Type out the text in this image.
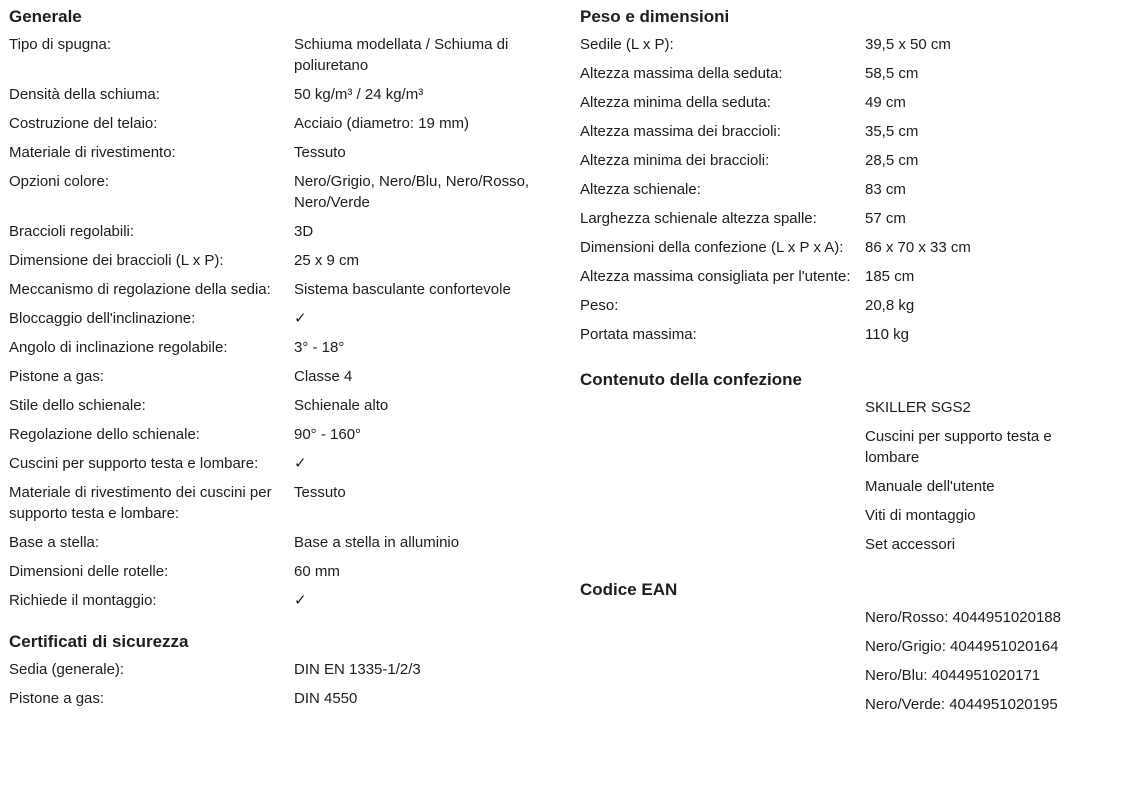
Generale
Tipo di spugna:	Schiuma modellata / Schiuma di poliuretano
Densità della schiuma:	50 kg/m³ / 24 kg/m³
Costruzione del telaio:	Acciaio (diametro: 19 mm)
Materiale di rivestimento:	Tessuto
Opzioni colore:	Nero/Grigio, Nero/Blu, Nero/Rosso, Nero/Verde
Braccioli regolabili:	3D
Dimensione dei braccioli (L x P):	25 x 9 cm
Meccanismo di regolazione della sedia:	Sistema basculante confortevole
Bloccaggio dell'inclinazione:	✓
Angolo di inclinazione regolabile:	3° - 18°
Pistone a gas:	Classe 4
Stile dello schienale:	Schienale alto
Regolazione dello schienale:	90° - 160°
Cuscini per supporto testa e lombare:	✓
Materiale di rivestimento dei cuscini per supporto testa e lombare:
Tessuto
Base a stella:	Base a stella in alluminio
Dimensioni delle rotelle:	60 mm
Richiede il montaggio:	✓
Certificati di sicurezza
Sedia (generale):	DIN EN 1335-1/2/3
Pistone a gas:	DIN 4550
Peso e dimensioni
Sedile (L x P):	39,5 x 50 cm
Altezza massima della seduta:	58,5 cm
Altezza minima della seduta:	49 cm
Altezza massima dei braccioli:	35,5 cm
Altezza minima dei braccioli:	28,5 cm
Altezza schienale:	83 cm
Larghezza schienale altezza spalle:	57 cm
Dimensioni della confezione (L x P x A):	86 x 70 x 33 cm
Altezza massima consigliata per l'utente: 185 cm
Peso:	20,8 kg
Portata massima:	110 kg
Contenuto della confezione
SKILLER SGS2
Cuscini per supporto testa e lombare
Manuale dell'utente
Viti di montaggio
Set accessori
Codice EAN
Nero/Rosso: 4044951020188
Nero/Grigio: 4044951020164
Nero/Blu: 4044951020171
Nero/Verde: 4044951020195
